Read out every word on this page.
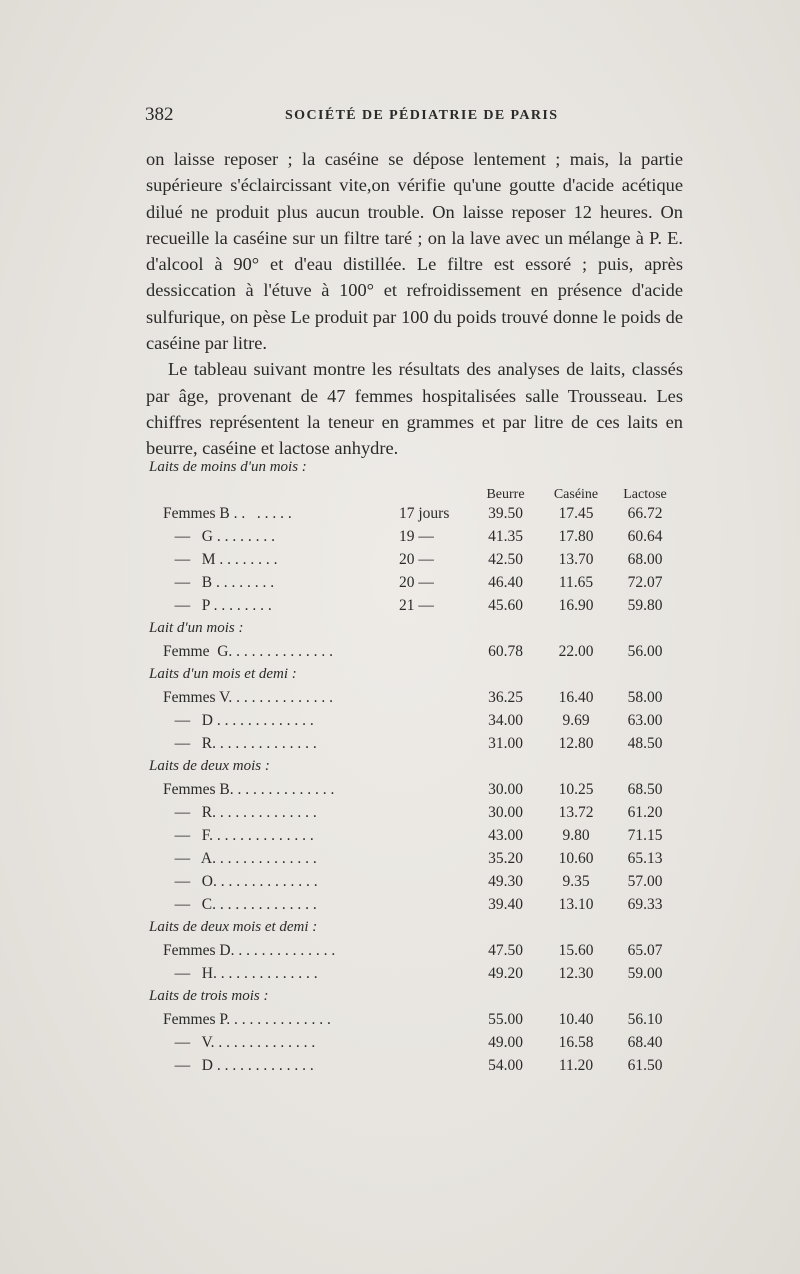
382	SOCIÉTÉ DE PÉDIATRIE DE PARIS

on laisse reposer ; la caséine se dépose lentement ; mais, la partie supérieure s'éclaircissant vite,on vérifie qu'une goutte d'acide acétique dilué ne produit plus aucun trouble. On laisse reposer 12 heures. On recueille la caséine sur un filtre taré ; on la lave avec un mélange à P. E. d'alcool à 90° et d'eau distillée. Le filtre est essoré ; puis, après dessiccation à l'étuve à 100° et refroidissement en présence d'acide sulfurique, on pèse Le produit par 100 du poids trouvé donne le poids de caséine par litre.

Le tableau suivant montre les résultats des analyses de laits, classés par âge, provenant de 47 femmes hospitalisées salle Trousseau. Les chiffres représentent la teneur en grammes et par litre de ces laits en beurre, caséine et lactose anhydre.

Laits de moins d'un mois :
Beurre	Caséine	Lactose
Femmes B . .   . . . . .	17 jours	39.50	17.45	66.72
—   G . . . . . . . .	19 —	41.35	17.80	60.64
—   M . . . . . . . .	20 —	42.50	13.70	68.00
—   B . . . . . . . .	20 —	46.40	11.65	72.07
—   P . . . . . . . .	21 —	45.60	16.90	59.80
Lait d'un mois :
Femme  G. . . . . . . . . . . . . .	60.78	22.00	56.00
Laits d'un mois et demi :
Femmes V. . . . . . . . . . . . . .	36.25	16.40	58.00
—   D . . . . . . . . . . . . .	34.00	9.69	63.00
—   R. . . . . . . . . . . . . .	31.00	12.80	48.50
Laits de deux mois :
Femmes B. . . . . . . . . . . . . .	30.00	10.25	68.50
—   R. . . . . . . . . . . . . .	30.00	13.72	61.20
—   F. . . . . . . . . . . . . .	43.00	9.80	71.15
—   A. . . . . . . . . . . . . .	35.20	10.60	65.13
—   O. . . . . . . . . . . . . .	49.30	9.35	57.00
—   C. . . . . . . . . . . . . .	39.40	13.10	69.33
Laits de deux mois et demi :
Femmes D. . . . . . . . . . . . . .	47.50	15.60	65.07
—   H. . . . . . . . . . . . . .	49.20	12.30	59.00
Laits de trois mois :
Femmes P. . . . . . . . . . . . . .	55.00	10.40	56.10
—   V. . . . . . . . . . . . . .	49.00	16.58	68.40
—   D . . . . . . . . . . . . .	54.00	11.20	61.50
